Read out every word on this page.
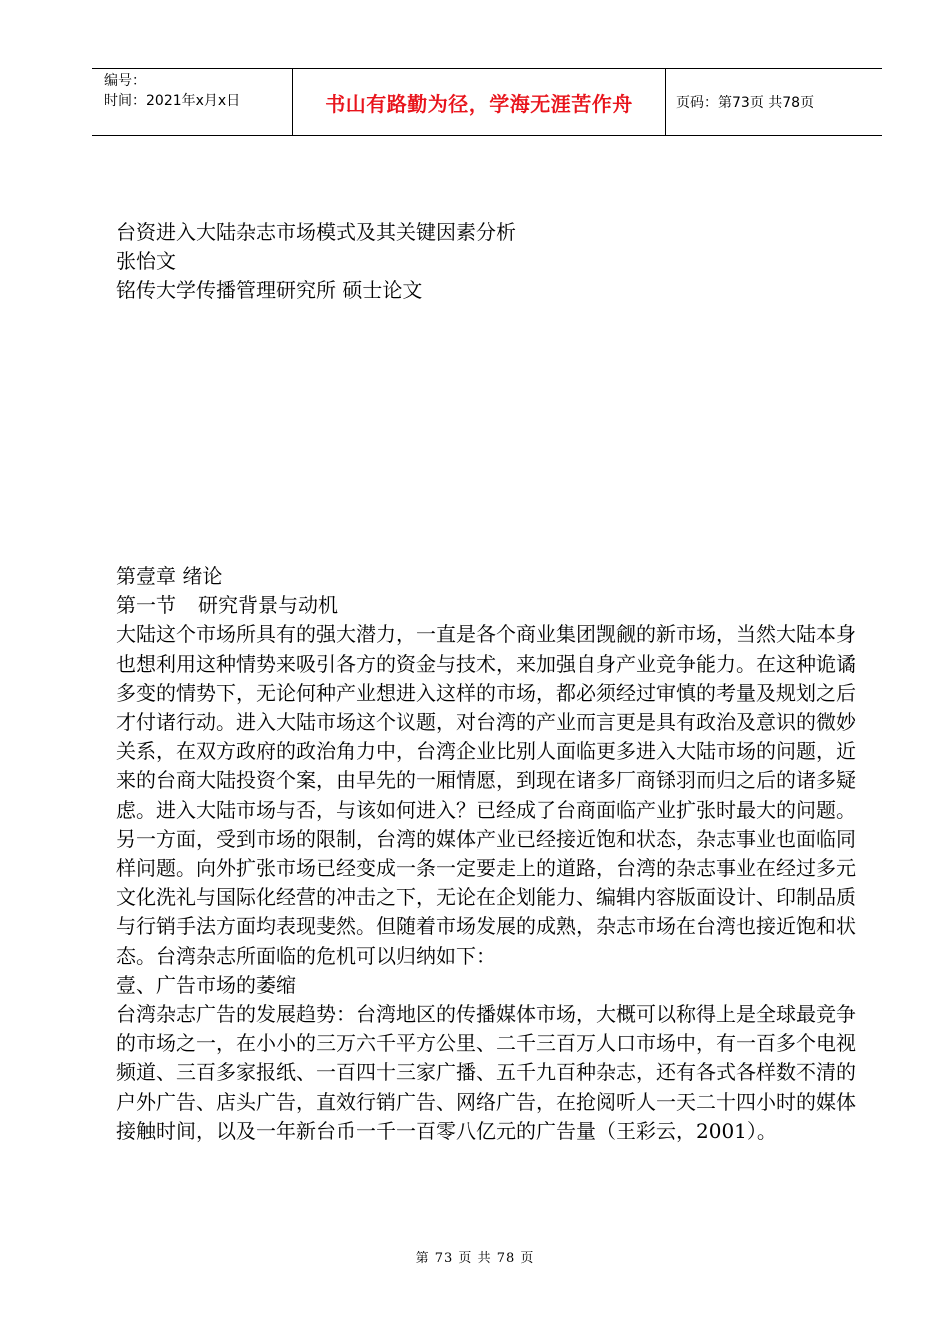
编号：
时间：2021年x月x日	书山有路勤为径，学海无涯苦作舟	页码：第73页 共78页
台资进入大陆杂志市场模式及其关键因素分析
张怡文
铭传大学传播管理研究所 硕士论文

第壹章 绪论

第一节 研究背景与动机

大陆这个市场所具有的强大潜力，一直是各个商业集团觊觎的新市场，当然大陆本身也想利用这种情势来吸引各方的资金与技术，来加强自身产业竞争能力。在这种诡谲多变的情势下，无论何种产业想进入这样的市场，都必须经过审慎的考量及规划之后才付诸行动。进入大陆市场这个议题，对台湾的产业而言更是具有政治及意识的微妙关系，在双方政府的政治角力中，台湾企业比别人面临更多进入大陆市场的问题，近来的台商大陆投资个案，由早先的一厢情愿，到现在诸多厂商铩羽而归之后的诸多疑虑。进入大陆市场与否，与该如何进入？已经成了台商面临产业扩张时最大的问题。

另一方面，受到市场的限制，台湾的媒体产业已经接近饱和状态，杂志事业也面临同样问题。向外扩张市场已经变成一条一定要走上的道路，台湾的杂志事业在经过多元文化洗礼与国际化经营的冲击之下，无论在企划能力、编辑内容版面设计、印制品质与行销手法方面均表现斐然。但随着市场发展的成熟，杂志市场在台湾也接近饱和状态。台湾杂志所面临的危机可以归纳如下：

壹、广告市场的萎缩

台湾杂志广告的发展趋势：台湾地区的传播媒体市场，大概可以称得上是全球最竞争的市场之一，在小小的三万六千平方公里、二千三百万人口市场中，有一百多个电视频道、三百多家报纸、一百四十三家广播、五千九百种杂志，还有各式各样数不清的户外广告、店头广告，直效行销广告、网络广告，在抢阅听人一天二十四小时的媒体接触时间，以及一年新台币一千一百零八亿元的广告量（王彩云，2001）。

第 73 页 共 78 页
